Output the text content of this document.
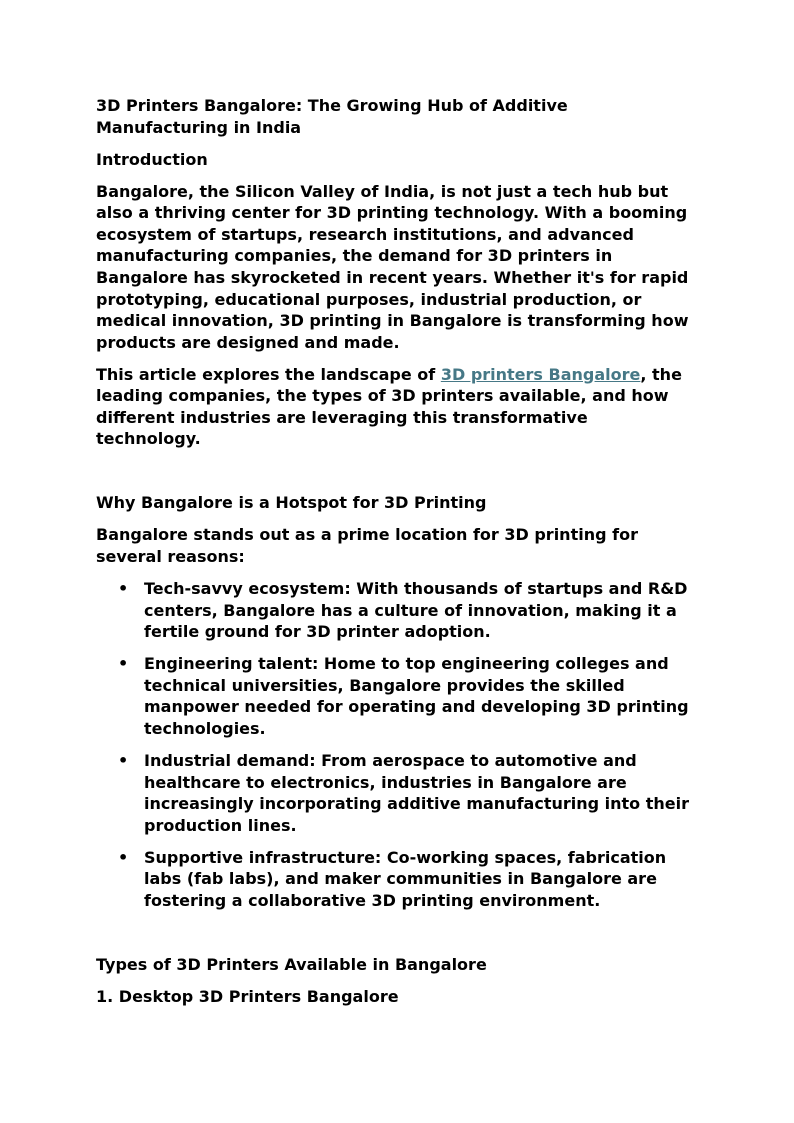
3D Printers Bangalore: The Growing Hub of Additive Manufacturing in India

Introduction

Bangalore, the Silicon Valley of India, is not just a tech hub but also a thriving center for 3D printing technology. With a booming ecosystem of startups, research institutions, and advanced manufacturing companies, the demand for 3D printers in Bangalore has skyrocketed in recent years. Whether it's for rapid prototyping, educational purposes, industrial production, or medical innovation, 3D printing in Bangalore is transforming how products are designed and made.

This article explores the landscape of 3D printers Bangalore, the leading companies, the types of 3D printers available, and how different industries are leveraging this transformative technology.

Why Bangalore is a Hotspot for 3D Printing

Bangalore stands out as a prime location for 3D printing for several reasons:

• Tech-savvy ecosystem: With thousands of startups and R&D centers, Bangalore has a culture of innovation, making it a fertile ground for 3D printer adoption.
• Engineering talent: Home to top engineering colleges and technical universities, Bangalore provides the skilled manpower needed for operating and developing 3D printing technologies.
• Industrial demand: From aerospace to automotive and healthcare to electronics, industries in Bangalore are increasingly incorporating additive manufacturing into their production lines.
• Supportive infrastructure: Co-working spaces, fabrication labs (fab labs), and maker communities in Bangalore are fostering a collaborative 3D printing environment.

Types of 3D Printers Available in Bangalore

1. Desktop 3D Printers Bangalore
